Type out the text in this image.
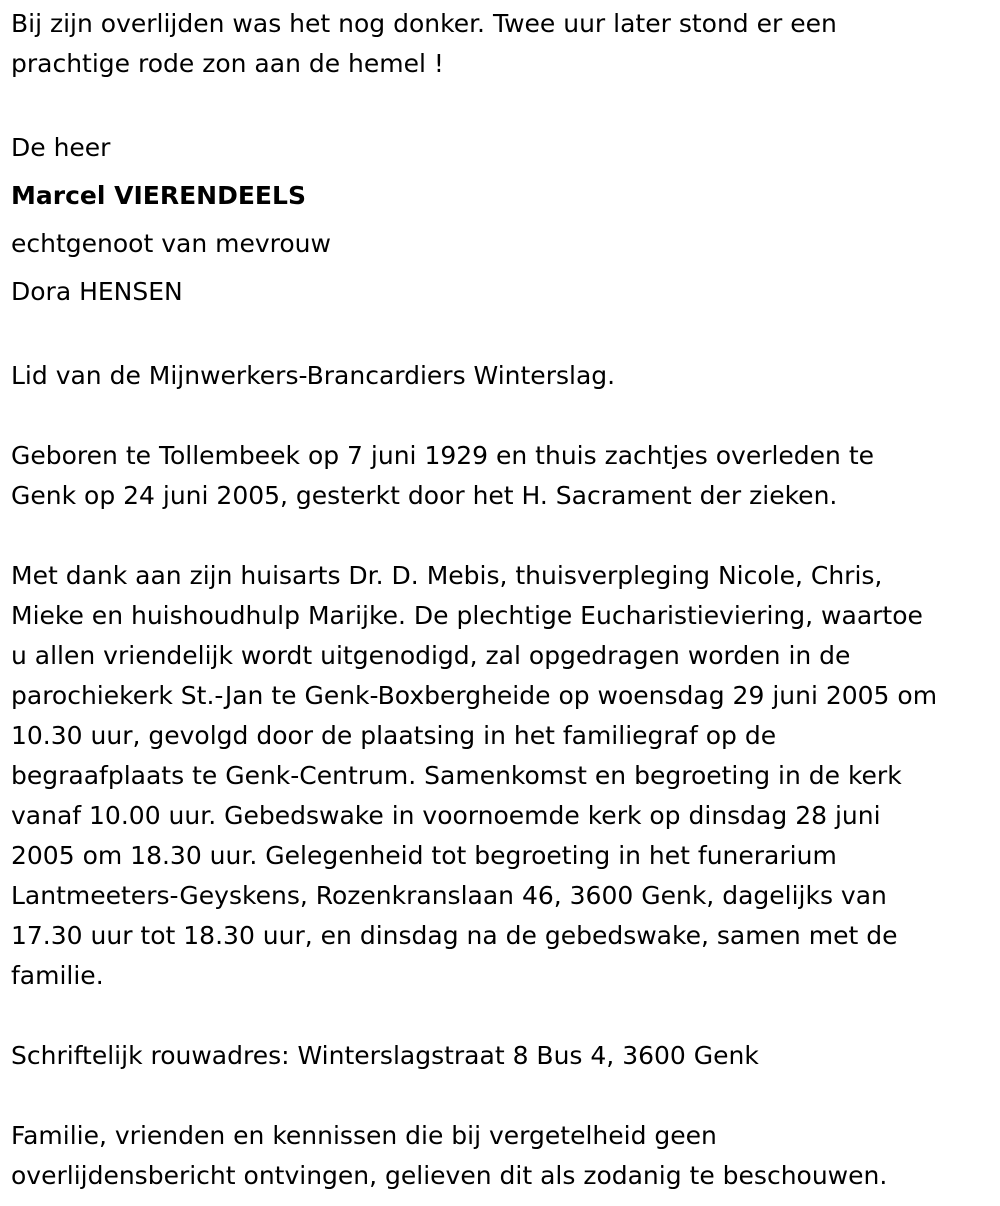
Bij zijn overlijden was het nog donker. Twee uur later stond er een

prachtige rode zon aan de hemel !

De heer

Marcel VIERENDEELS

echtgenoot van mevrouw

Dora HENSEN

Lid van de Mijnwerkers-Brancardiers Winterslag.

Geboren te Tollembeek op 7 juni 1929 en thuis zachtjes overleden te

Genk op 24 juni 2005, gesterkt door het H. Sacrament der zieken.

Met dank aan zijn huisarts Dr. D. Mebis, thuisverpleging Nicole, Chris,

Mieke en huishoudhulp Marijke. De plechtige Eucharistieviering, waartoe

u allen vriendelijk wordt uitgenodigd, zal opgedragen worden in de

parochiekerk St.-Jan te Genk-Boxbergheide op woensdag 29 juni 2005 om

10.30 uur, gevolgd door de plaatsing in het familiegraf op de

begraafplaats te Genk-Centrum. Samenkomst en begroeting in de kerk

vanaf 10.00 uur. Gebedswake in voornoemde kerk op dinsdag 28 juni

2005 om 18.30 uur. Gelegenheid tot begroeting in het funerarium

Lantmeeters-Geyskens, Rozenkranslaan 46, 3600 Genk, dagelijks van

17.30 uur tot 18.30 uur, en dinsdag na de gebedswake, samen met de

familie.

Schriftelijk rouwadres: Winterslagstraat 8 Bus 4, 3600 Genk

Familie, vrienden en kennissen die bij vergetelheid geen

overlijdensbericht ontvingen, gelieven dit als zodanig te beschouwen.
